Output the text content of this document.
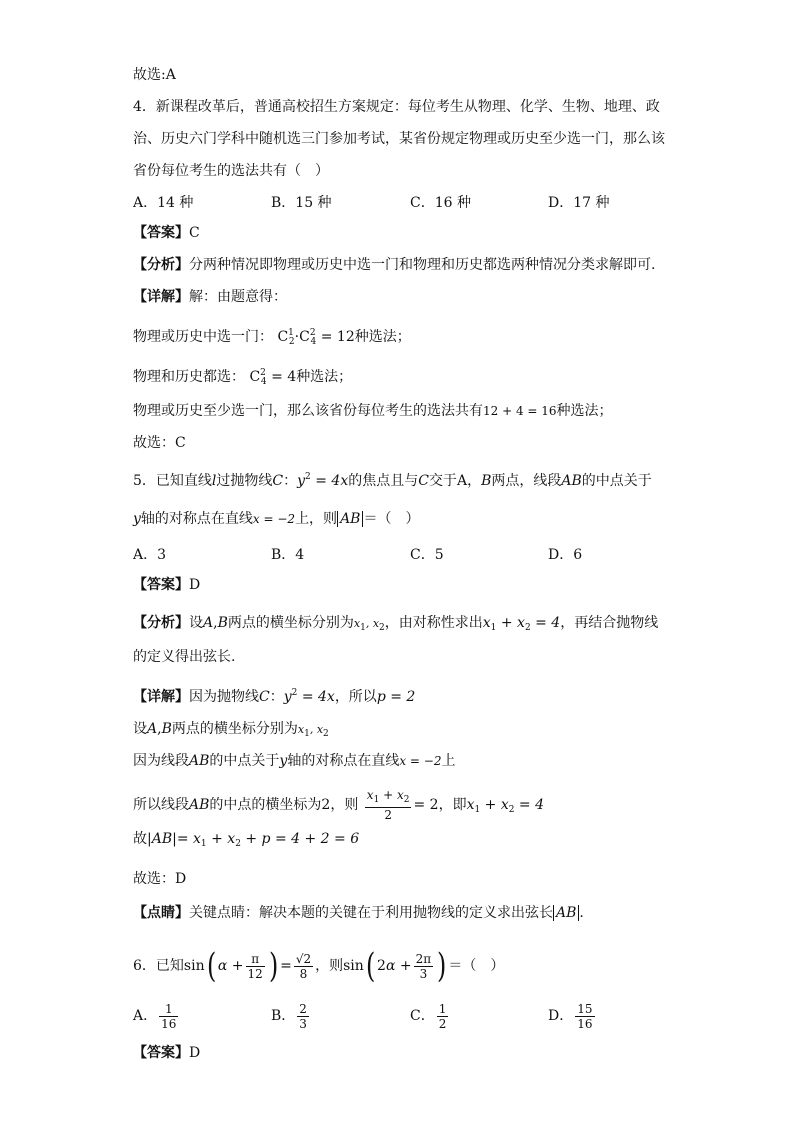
故选:A
4．新课程改革后，普通高校招生方案规定：每位考生从物理、化学、生物、地理、政
治、历史六门学科中随机选三门参加考试，某省份规定物理或历史至少选一门，那么该
省份每位考生的选法共有（　）
A．14 种	B．15 种	C．16 种	D．17 种
【答案】C
【分析】分两种情况即物理或历史中选一门和物理和历史都选两种情况分类求解即可.
【详解】解：由题意得：
物理或历史中选一门： $C^1_2\cdot C^2_4 = 12$种选法；
物理和历史都选： $C^2_4 = 4$种选法；
物理或历史至少选一门，那么该省份每位考生的选法共有12 + 4 = 16种选法；
故选：C
5．已知直线l过抛物线C：$y^2 = 4x$的焦点且与C交于A，B两点，线段AB的中点关于
y轴的对称点在直线x = −2上，则 AB ＝（　）
A．3	B．4	C．5	D．6
【答案】D
【分析】设A,B两点的横坐标分别为$x_1$, $x_2$，由对称性求出$x_1 + x_2 = 4$，再结合抛物线
的定义得出弦长.
【详解】因为抛物线C：$y^2 = 4x$，所以p = 2
设A,B两点的横坐标分别为$x_1$, $x_2$
因为线段AB的中点关于y轴的对称点在直线x = −2上
所以线段AB的中点的横坐标为2，则 $\frac{x_1 + x_2}{2} = 2$，即$x_1 + x_2 = 4$
故$|AB|= x_1 + x_2 + p = 4 + 2 = 6$
故选：D
【点睛】关键点睛：解决本题的关键在于利用抛物线的定义求出弦长 AB .
6．已知sin( $\alpha + \frac{\pi}{12}$ ) = $\frac{√2}{8}$ ，则sin( $2\alpha + \frac{2\pi}{3}$ ) ＝（　）
A． $\frac{1}{16}$	B． $\frac{2}{3}$	C． $\frac{1}{2}$	D． $\frac{15}{16}$
【答案】D
